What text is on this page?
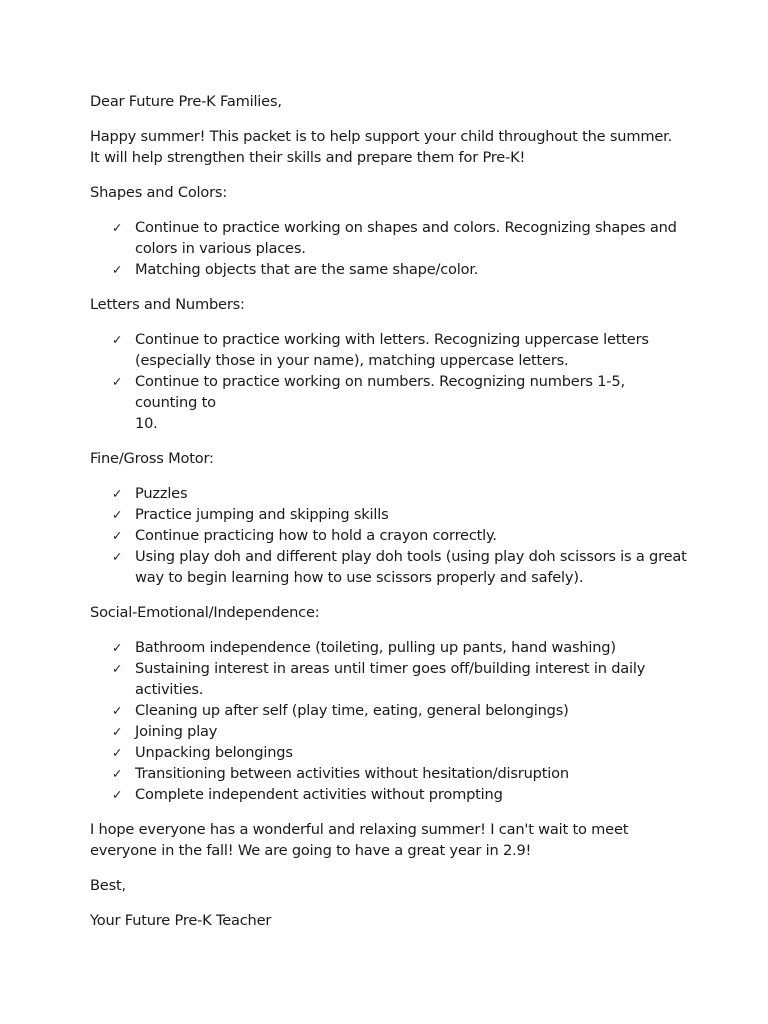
Dear Future Pre-K Families,

Happy summer! This packet is to help support your child throughout the summer.
It will help strengthen their skills and prepare them for Pre-K!

Shapes and Colors:

✓ Continue to practice working on shapes and colors. Recognizing shapes and
colors in various places.
✓ Matching objects that are the same shape/color.

Letters and Numbers:

✓ Continue to practice working with letters. Recognizing uppercase letters
(especially those in your name), matching uppercase letters.
✓ Continue to practice working on numbers. Recognizing numbers 1-5, counting to
10.

Fine/Gross Motor:

✓ Puzzles
✓ Practice jumping and skipping skills
✓ Continue practicing how to hold a crayon correctly.
✓ Using play doh and different play doh tools (using play doh scissors is a great
way to begin learning how to use scissors properly and safely).

Social-Emotional/Independence:

✓ Bathroom independence (toileting, pulling up pants, hand washing)
✓ Sustaining interest in areas until timer goes off/building interest in daily
activities.
✓ Cleaning up after self (play time, eating, general belongings)
✓ Joining play
✓ Unpacking belongings
✓ Transitioning between activities without hesitation/disruption
✓ Complete independent activities without prompting

I hope everyone has a wonderful and relaxing summer! I can't wait to meet
everyone in the fall! We are going to have a great year in 2.9!

Best,

Your Future Pre-K Teacher
